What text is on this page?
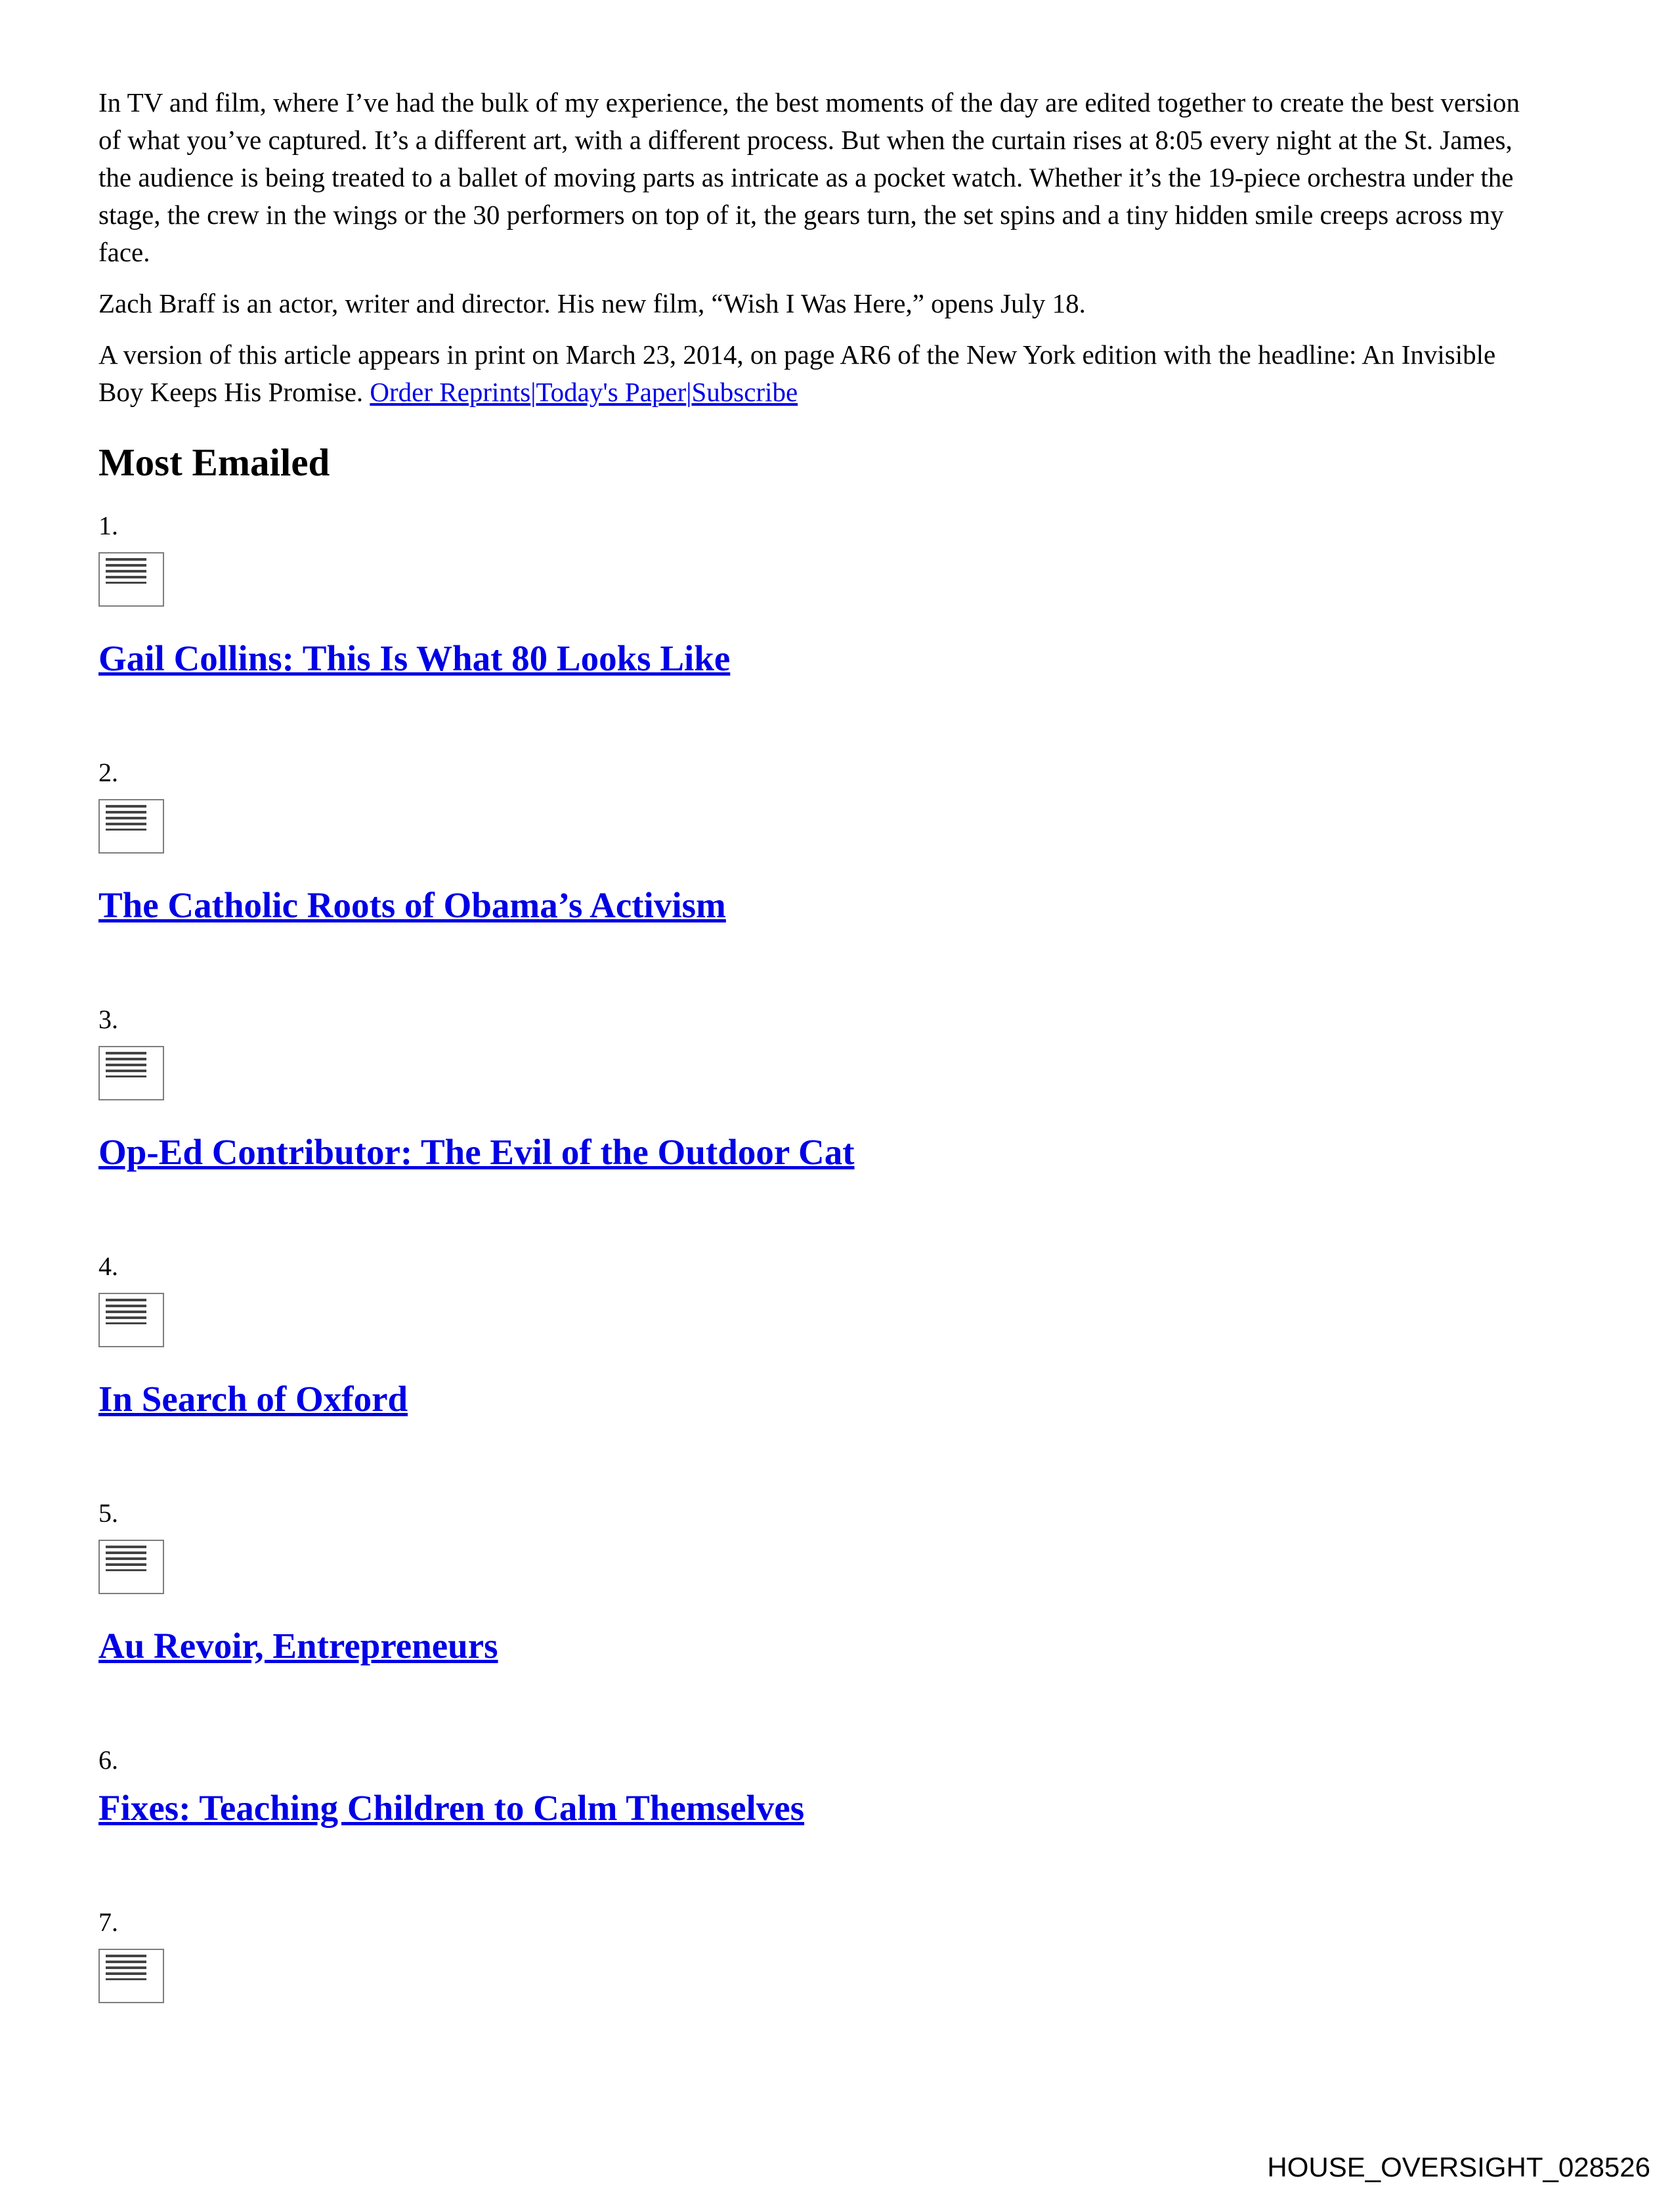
In TV and film, where I’ve had the bulk of my experience, the best moments of the day are edited together to create the best version of what you’ve captured. It’s a different art, with a different process. But when the curtain rises at 8:05 every night at the St. James, the audience is being treated to a ballet of moving parts as intricate as a pocket watch. Whether it’s the 19-piece orchestra under the stage, the crew in the wings or the 30 performers on top of it, the gears turn, the set spins and a tiny hidden smile creeps across my face.

Zach Braff is an actor, writer and director. His new film, “Wish I Was Here,” opens July 18.

A version of this article appears in print on March 23, 2014, on page AR6 of the New York edition with the headline: An Invisible Boy Keeps His Promise. Order Reprints|Today's Paper|Subscribe

Most Emailed
1.
Gail Collins: This Is What 80 Looks Like
2.
The Catholic Roots of Obama’s Activism
3.
Op-Ed Contributor: The Evil of the Outdoor Cat
4.
In Search of Oxford
5.
Au Revoir, Entrepreneurs
6.
Fixes: Teaching Children to Calm Themselves
7.
HOUSE_OVERSIGHT_028526
